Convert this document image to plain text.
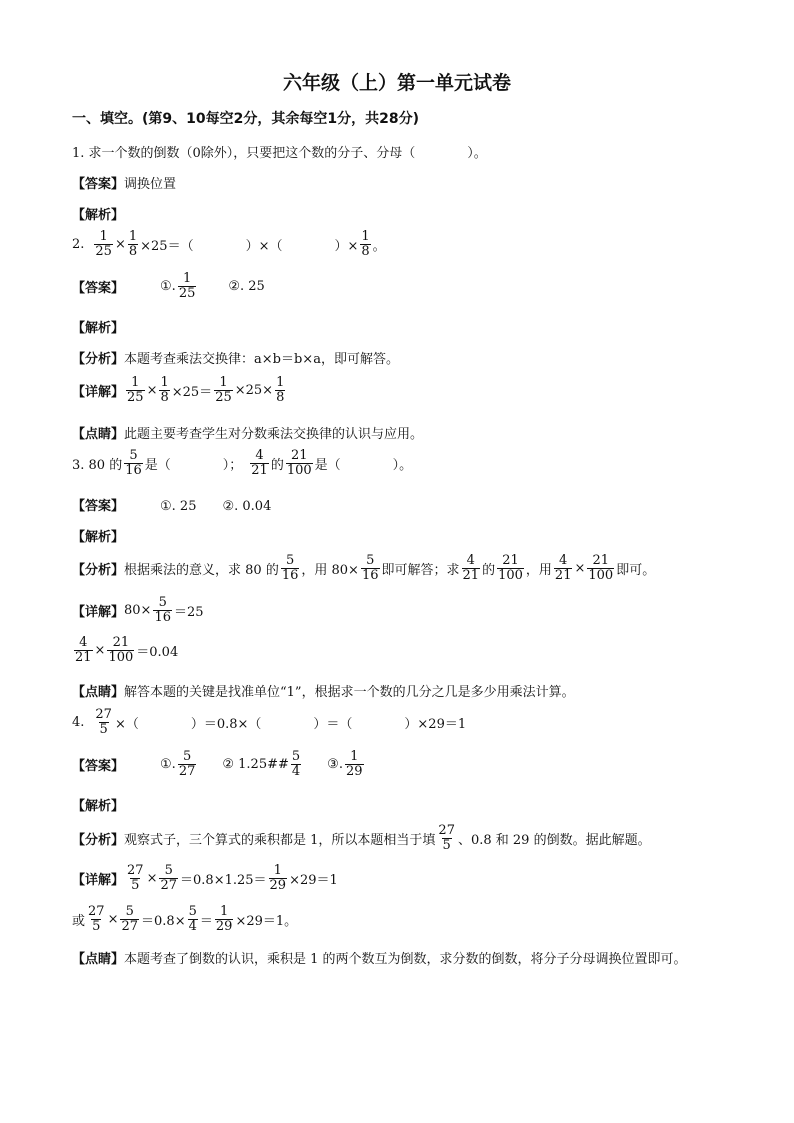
六年级（上）第一单元试卷
一、填空。(第9、10每空2分，其余每空1分，共28分)
1. 求一个数的倒数（0除外），只要把这个数的分子、分母（　　　　）。
【答案】 调换位置
【解析】
2. $\frac{1}{25} \times \frac{1}{8} \times 25=$（　　　　）×（　　　　）× $\frac{1}{8}$ 。
【答案】	①. $\frac{1}{25}$ ②. 25
【解析】
【分析】 本题考查乘法交换律：a×b＝b×a，即可解答。
【详解】 $\frac{1}{25} \times \frac{1}{8} \times 25= \frac{1}{25} \times 25\times \frac{1}{8}$
【点睛】 此题主要考查学生对分数乘法交换律的认识与应用。
3. 80 的 $\frac{5}{16}$ 是（　　　　）； $\frac{4}{21}$ 的 $\frac{21}{100}$ 是（　　　　）。
【答案】	①. 25　　②. 0.04
【解析】
【分析】 根据乘法的意义，求 80 的 $\frac{5}{16}$ ，用 $80\times \frac{5}{16}$ 即可解答；求 $\frac{4}{21}$ 的 $\frac{21}{100}$ ，用 $\frac{4}{21} \times \frac{21}{100}$ 即可。
【详解】 $80\times \frac{5}{16} =25$
$\frac{4}{21} \times \frac{21}{100} =0.04$
【点睛】 解答本题的关键是找准单位“1”，根据求一个数的几分之几是多少用乘法计算。
4. $\frac{27}{5}$ ×（　　　　）＝0.8×（　　　　）＝（　　　　）×29＝1
【答案】	①. $\frac{5}{27}$ ② 1.25## $\frac{5}{4}$ ③. $\frac{1}{29}$
【解析】
【分析】 观察式子，三个算式的乘积都是 1，所以本题相当于填 $\frac{27}{5}$ 、0.8 和 29 的倒数。据此解题。
【详解】 $\frac{27}{5} \times \frac{5}{27} =0.8\times 1.25= \frac{1}{29} \times 29=1$
或 $\frac{27}{5} \times \frac{5}{27} =0.8\times \frac{5}{4} = \frac{1}{29} \times 29=1$。
【点睛】本题考查了倒数的认识，乘积是 1 的两个数互为倒数，求分数的倒数，将分子分母调换位置即可。
